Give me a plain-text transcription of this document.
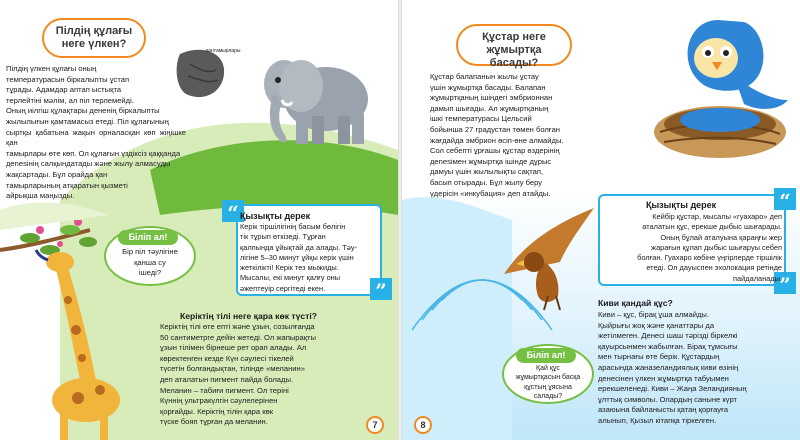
Пілдің құлағы
неге үлкен?
қантамырлары
Пілдің үлкен құлағы оның
температурасын біркалыпты ұстап
тұрады. Адамдар аптап ыстықта
терлейтіні мәлім, ал піл терлемейді.
Оның иілгіш құлақтары дененің біркалыпты
жылылығын қамтамасыз етеді. Піл құлағының
сыртқы қабатына жақын орналасқан көп жіңішке қан
тамырлары өте көп. Ол құлағын үздіксіз қаққанда
дenesiнің салқындатады және жылу алмасуды
жақсартады. Бұл орайда қан
тамырларының атқаратын қызметі
айрықша маңызды.
“
”
Қызықты дерек
Керік тіршілігінің басым бөлігін
тік тұрып өткізеді. Тұрған
қалпында ұйықтай да алады. Тәу-
лігіне 5–30 минут ұйқы керік үшін
жеткілікті! Керік тез мыжиды.
Мысалы, екі минут қалғу оны
әжептеуір сергітеді екен.
Біліп ал!
Бір піл тәулігіне
қанша су
ішеді?
Керіктің тілі неге қара көк түсті?
Керіктің тілі өте епті және ұзын, созылғанда
50 сантиметрге дейін жетеді. Ол жапырақты
ұзын тілімен бірнеше рет орап алады. Ал
көректенген кезде Күн сәулесі тікелей
түсетін болғандықтан, тілінде «меланин»
деп аталатын пигмент пайда болады.
Меланин – табиғи пигмент. Ол теріні
Күннің ультракүлгін сәулелерінен
қорғайды. Керіктің тілін қара көк
түске бояп тұрған да меланин.	7
Құстар неге
жұмыртқа басады?
Құстар балапанын жылы ұстау
үшін жұмыртқа басады. Балапан
жұмыртқаның ішіндегі эмбрионнан
дамып шығады. Ал жұмыртқаның
ішкі температурасы Цельсий
бойынша 27 градустан төмен болған
жағдайда эмбрион өсіп-өне алмайды.
Сол себепті ұрғашы құстар өздерінің
дenesiмен жұмыртқа ішінде дұрыс
дамуы үшін жылылықты сақтап,
басып отырады. Бұл жылу беру
үдерісін «инкубация» деп атайды.	“
”
Қызықты дерек
Кейбір құстар, мысалы «гуахаро» деп
аталатын құс, ерекше дыбыс шығарады.
Оның бұлай аталуына қараңғы жер
жарағын құлап дыбыс шығаруы себеп
болған. Гуахаро көбіне үңгірлерде тіршілік
етеді. Ол дауыспен эхолокация ретінде
пайдаланады.
Киви қандай құс?
Киви – құс, бірақ ұша алмайды.
Қыйрығы жоқ және қанаттары да
жетілмеген. Денесі шаш тәрізді біркелкі
қауырсынмен жабылған. Бірақ тұмсығы
мен тырнағы өте берік. Құстардың
арасында жаназеландиялық киви өзінің
денесінен үлкен жұмыртқа табуымен
ерекшеленеді. Киви – Жаңа Зеландияның
ұлттық символы. Олардың саныне күрт
азаюына байланысты қатаң қорғауға
алынып, Қызыл кітапқа тіркелген.
Біліп ал!
Қай құс
жұмыртқасын басқа
құстың ұясына
салады?
8
